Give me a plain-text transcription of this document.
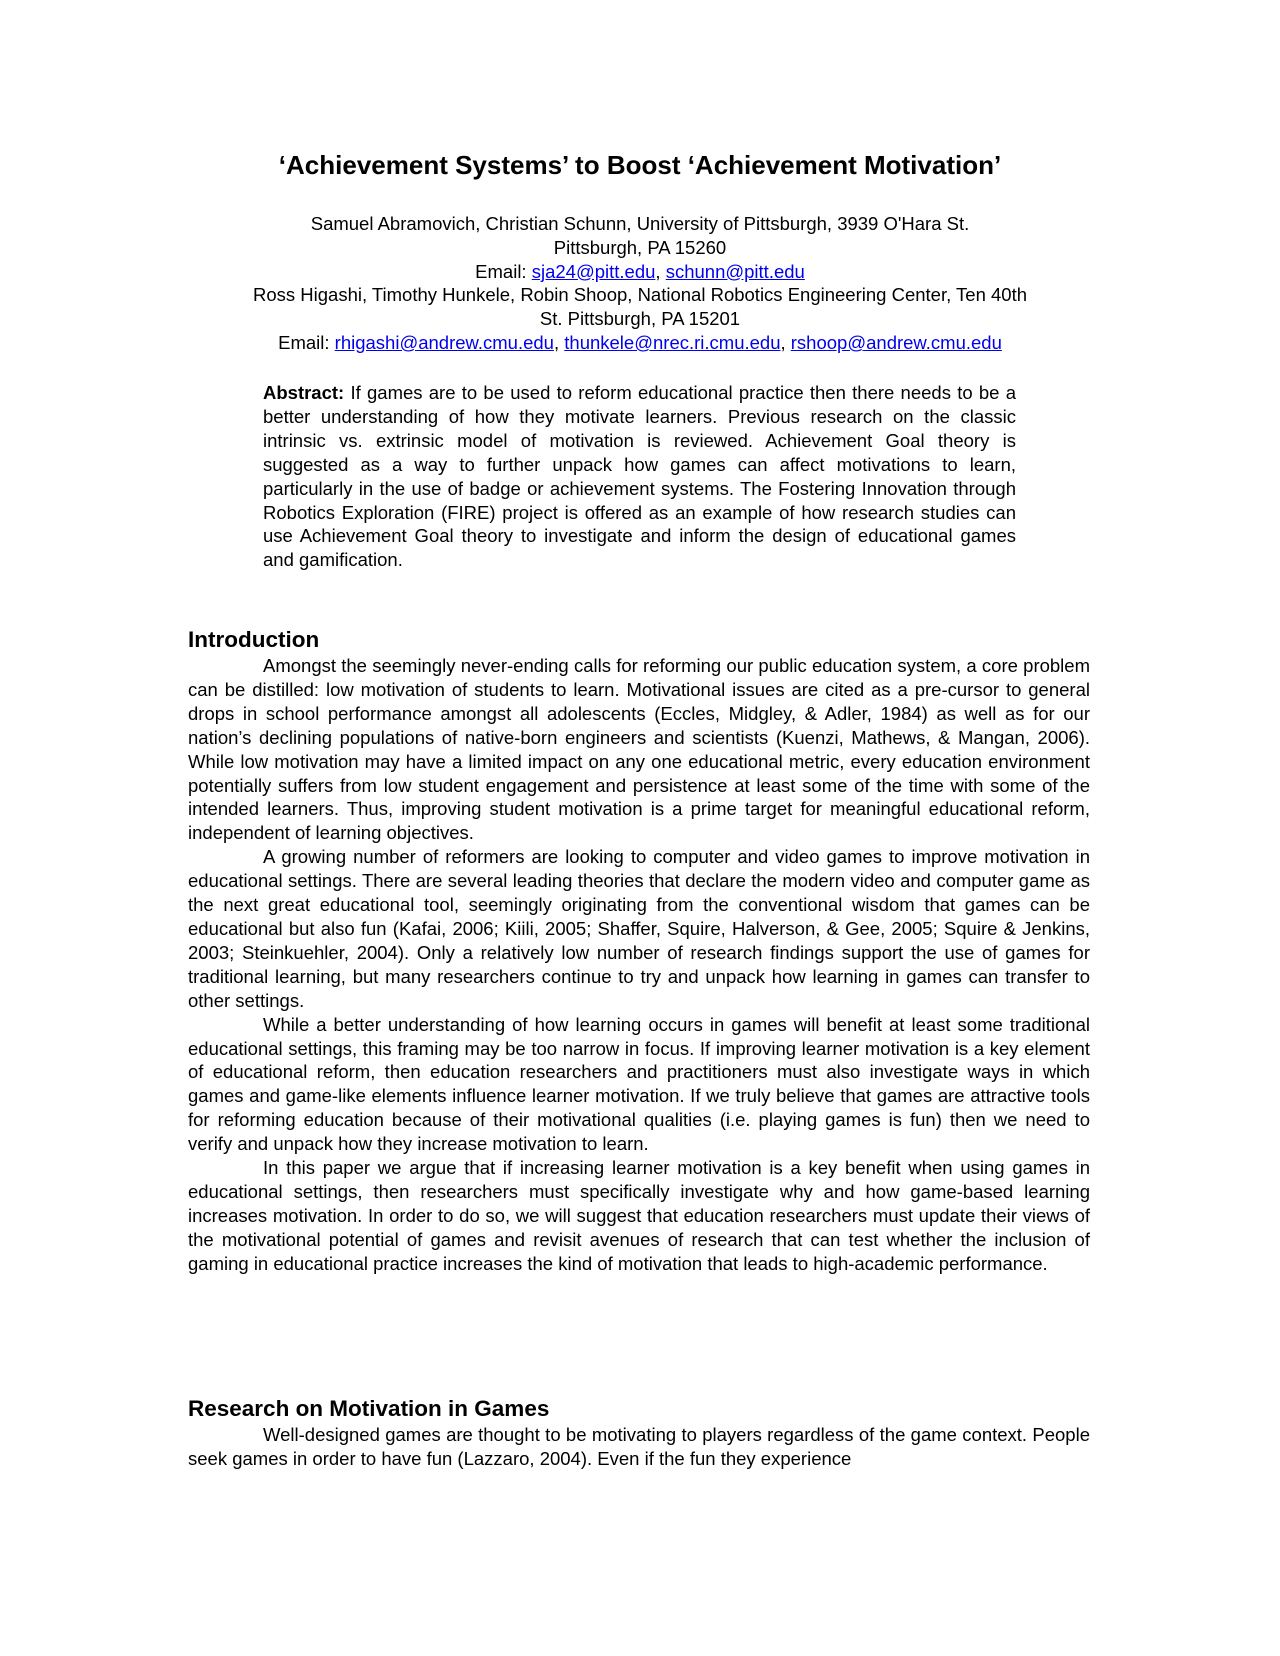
‘Achievement Systems’ to Boost ‘Achievement Motivation’
Samuel Abramovich, Christian Schunn, University of Pittsburgh, 3939 O'Hara St.
Pittsburgh, PA 15260
Email: sja24@pitt.edu, schunn@pitt.edu
Ross Higashi, Timothy Hunkele, Robin Shoop, National Robotics Engineering Center, Ten 40th
St. Pittsburgh, PA 15201
Email: rhigashi@andrew.cmu.edu, thunkele@nrec.ri.cmu.edu, rshoop@andrew.cmu.edu

Abstract: If games are to be used to reform educational practice then there needs to be a better understanding of how they motivate learners. Previous research on the classic intrinsic vs. extrinsic model of motivation is reviewed. Achievement Goal theory is suggested as a way to further unpack how games can affect motivations to learn, particularly in the use of badge or achievement systems. The Fostering Innovation through Robotics Exploration (FIRE) project is offered as an example of how research studies can use Achievement Goal theory to investigate and inform the design of educational games and gamification.

Introduction

Amongst the seemingly never-ending calls for reforming our public education system, a core problem can be distilled: low motivation of students to learn. Motivational issues are cited as a pre-cursor to general drops in school performance amongst all adolescents (Eccles, Midgley, & Adler, 1984) as well as for our nation’s declining populations of native-born engineers and scientists (Kuenzi, Mathews, & Mangan, 2006). While low motivation may have a limited impact on any one educational metric, every education environment potentially suffers from low student engagement and persistence at least some of the time with some of the intended learners. Thus, improving student motivation is a prime target for meaningful educational reform, independent of learning objectives.

A growing number of reformers are looking to computer and video games to improve motivation in educational settings. There are several leading theories that declare the modern video and computer game as the next great educational tool, seemingly originating from the conventional wisdom that games can be educational but also fun (Kafai, 2006; Kiili, 2005; Shaffer, Squire, Halverson, & Gee, 2005; Squire & Jenkins, 2003; Steinkuehler, 2004). Only a relatively low number of research findings support the use of games for traditional learning, but many researchers continue to try and unpack how learning in games can transfer to other settings.

While a better understanding of how learning occurs in games will benefit at least some traditional educational settings, this framing may be too narrow in focus. If improving learner motivation is a key element of educational reform, then education researchers and practitioners must also investigate ways in which games and game-like elements influence learner motivation. If we truly believe that games are attractive tools for reforming education because of their motivational qualities (i.e. playing games is fun) then we need to verify and unpack how they increase motivation to learn.

In this paper we argue that if increasing learner motivation is a key benefit when using games in educational settings, then researchers must specifically investigate why and how game-based learning increases motivation. In order to do so, we will suggest that education researchers must update their views of the motivational potential of games and revisit avenues of research that can test whether the inclusion of gaming in educational practice increases the kind of motivation that leads to high-academic performance.

Research on Motivation in Games

Well-designed games are thought to be motivating to players regardless of the game context. People seek games in order to have fun (Lazzaro, 2004). Even if the fun they experience
